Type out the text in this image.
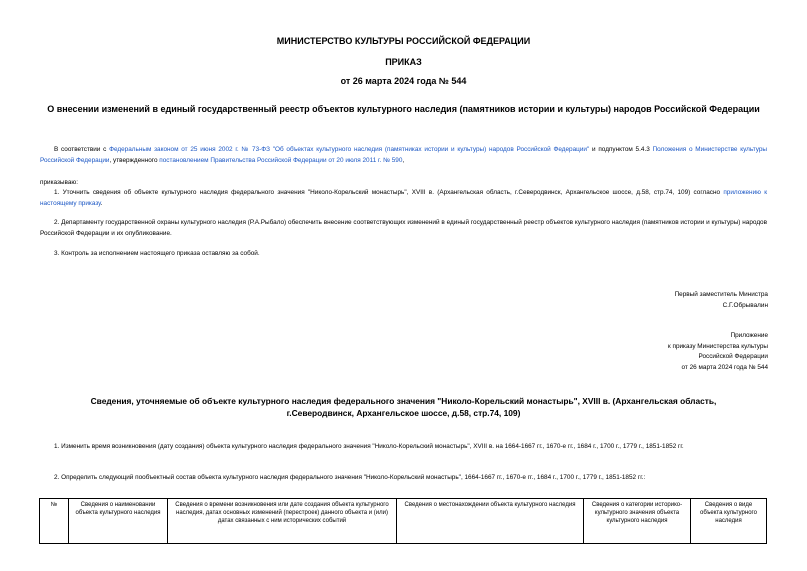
МИНИСТЕРСТВО КУЛЬТУРЫ РОССИЙСКОЙ ФЕДЕРАЦИИ
ПРИКАЗ
от 26 марта 2024 года № 544
О внесении изменений в единый государственный реестр объектов культурного наследия (памятников истории и культуры) народов Российской Федерации
В соответствии с Федеральным законом от 25 июня 2002 г. № 73-ФЗ "Об объектах культурного наследия (памятниках истории и культуры) народов Российской Федерации" и подпунктом 5.4.3 Положения о Министерстве культуры Российской Федерации, утвержденного постановлением Правительства Российской Федерации от 20 июля 2011 г. № 590,
приказываю:
1. Уточнить сведения об объекте культурного наследия федерального значения "Николо-Корельский монастырь", XVIII в. (Архангельская область, г.Северодвинск, Архангельское шоссе, д.58, стр.74, 109) согласно приложению к настоящему приказу.
2. Департаменту государственной охраны культурного наследия (Р.А.Рыбало) обеспечить внесение соответствующих изменений в единый государственный реестр объектов культурного наследия (памятников истории и культуры) народов Российской Федерации и их опубликование.
3. Контроль за исполнением настоящего приказа оставляю за собой.
Первый заместитель Министра
С.Г.Обрывалин
Приложение
к приказу Министерства культуры
Российской Федерации
от 26 марта 2024 года № 544
Сведения, уточняемые об объекте культурного наследия федерального значения "Николо-Корельский монастырь", XVIII в. (Архангельская область, г.Северодвинск, Архангельское шоссе, д.58, стр.74, 109)
1. Изменить время возникновения (дату создания) объекта культурного наследия федерального значения "Николо-Корельский монастырь", XVIII в. на 1664-1667 гг., 1670-е гг., 1684 г., 1700 г., 1779 г., 1851-1852 гг.
2. Определить следующий пообъектный состав объекта культурного наследия федерального значения "Николо-Корельский монастырь", 1664-1667 гг., 1670-е гг., 1684 г., 1700 г., 1779 г., 1851-1852 гг.:
№	Сведения о наименовании объекта культурного наследия	Сведения о времени возникновения или дате создания объекта культурного наследия, датах основных изменений (перестроек) данного объекта и (или) датах связанных с ним исторических событий	Сведения о местонахождении объекта культурного наследия	Сведения о категории историко-культурного значения объекта культурного наследия	Сведения о виде объекта культурного наследия
